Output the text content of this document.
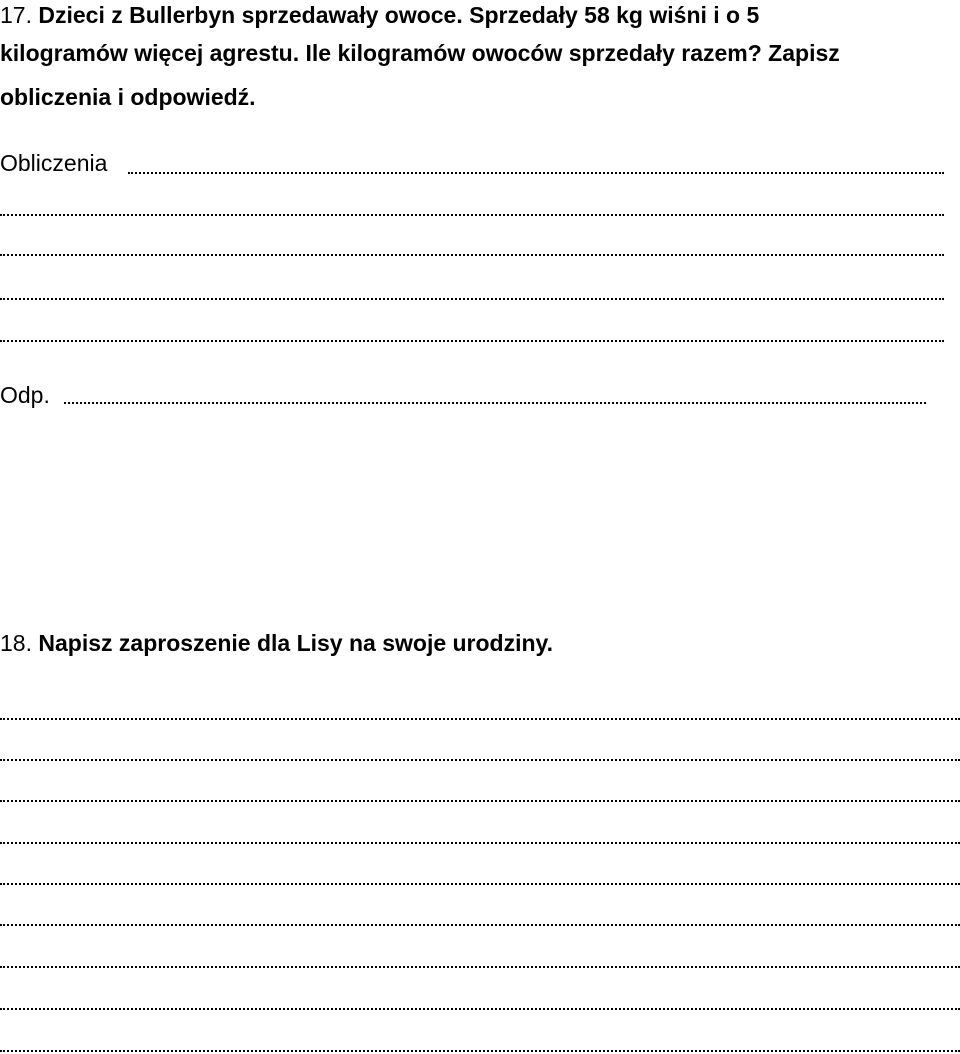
17. Dzieci z Bullerbyn sprzedawały owoce. Sprzedały 58 kg wiśni i o 5
kilogramów więcej agrestu. Ile kilogramów owoców sprzedały razem? Zapisz
obliczenia i odpowiedź.
Obliczenia
Odp.
18. Napisz zaproszenie dla Lisy na swoje urodziny.
